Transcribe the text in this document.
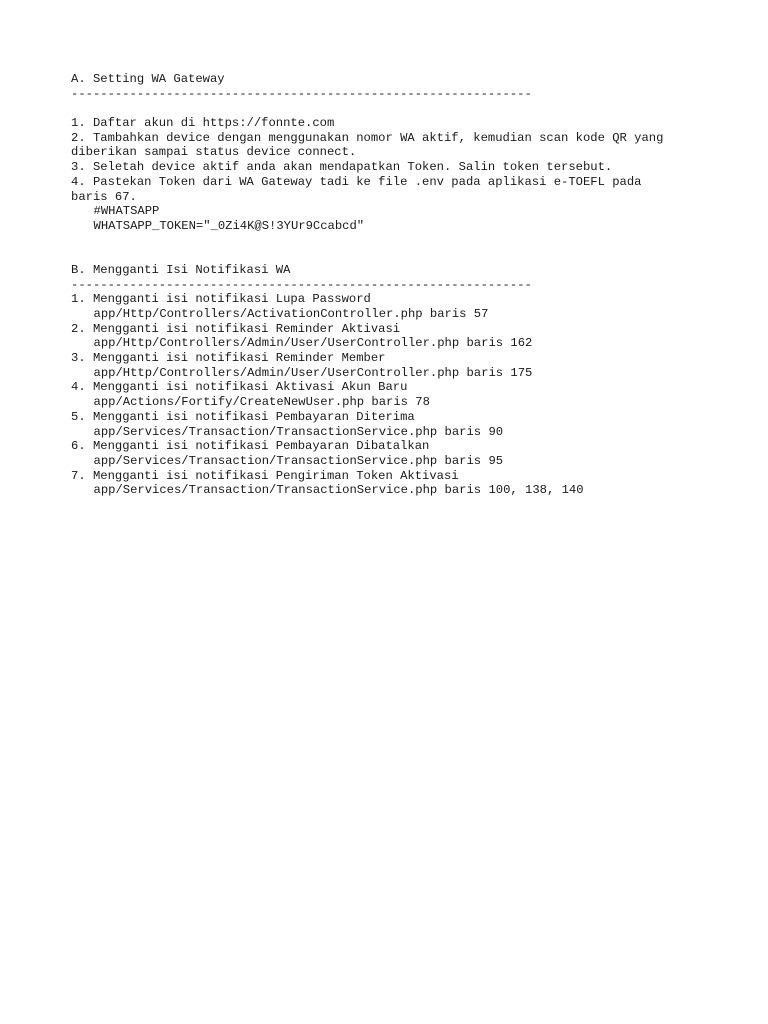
A. Setting WA Gateway
---------------------------------------------------------------
1. Daftar akun di https://fonnte.com
2. Tambahkan device dengan menggunakan nomor WA aktif, kemudian scan kode QR yang
diberikan sampai status device connect.
3. Seletah device aktif anda akan mendapatkan Token. Salin token tersebut.
4. Pastekan Token dari WA Gateway tadi ke file .env pada aplikasi e-TOEFL pada
baris 67.
#WHATSAPP
WHATSAPP_TOKEN="_0Zi4K@S!3YUr9Ccabcd"
B. Mengganti Isi Notifikasi WA
---------------------------------------------------------------
1. Mengganti isi notifikasi Lupa Password
app/Http/Controllers/ActivationController.php baris 57
2. Mengganti isi notifikasi Reminder Aktivasi
app/Http/Controllers/Admin/User/UserController.php baris 162
3. Mengganti isi notifikasi Reminder Member
app/Http/Controllers/Admin/User/UserController.php baris 175
4. Mengganti isi notifikasi Aktivasi Akun Baru
app/Actions/Fortify/CreateNewUser.php baris 78
5. Mengganti isi notifikasi Pembayaran Diterima
app/Services/Transaction/TransactionService.php baris 90
6. Mengganti isi notifikasi Pembayaran Dibatalkan
app/Services/Transaction/TransactionService.php baris 95
7. Mengganti isi notifikasi Pengiriman Token Aktivasi
app/Services/Transaction/TransactionService.php baris 100, 138, 140
